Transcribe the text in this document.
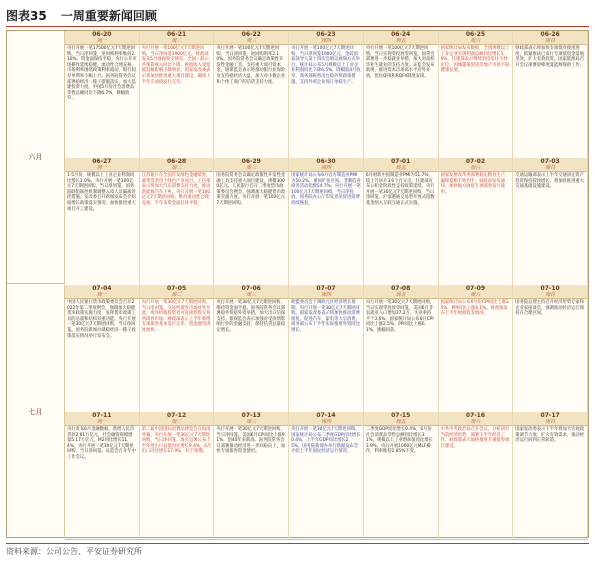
图表35 一周重要新闻回顾
六月
七月
06-20
周一
央行开展一笔17500亿元7天期逆回购，当日净回笼，逆回购利率维持2.10%，资金面保持平稳。央行公开市场操作延续稳健，流动性合理充裕，市场利率围绕政策利率波动，银行间存单利率小幅上行。国务院常务会议部署稳经济一揽子措施落实，加大基建投资力度。中国5月份社会消费品零售总额同比下降6.7%，降幅收窄。
06-21
周二
央行开展一笔100亿元7天期逆回购，当日净回笼1900亿元。财政部发布5月财政收支情况，全国一般公共预算收入同比下降，税收收入受留抵退税影响下降明显。国家发改委表示将加快推进重大项目建设，确保上半年专项债发行完毕。
06-22
周三
央行开展一笔100亿元7天期逆回购，当日净回笼，逆回购利率2.10%。国务院常务会议确定政策性开发性金融工具，支持重大项目资本金。银保监会表示将推动银行业保险业支持稳经济大盘，加大对小微企业和个体工商户的信贷支持力度。
06-23
周四
央行开展一笔100亿元7天期逆回购，当日净回笼1900亿元。金砖国家领导人第十四次会晤以视频方式举行。统计局公布5月规模以上工业企业利润同比下降6.5%，降幅较4月收窄。商务部称将出台稳外贸政策措施，支持外贸企业保订单稳生产。
06-24
周五
央行开展一笔100亿元7天期逆回购，当日实现零投放零回笼。国常会部署进一步稳就业举措，加大对高校毕业生就业的支持力度。证监会发布新规，推进资本市场高水平对外开放，优化QFII和RQFII制度安排。
06-25
周六
国家统计局发布数据，全国规模以上工业企业实现利润总额同比增长1.0%。住建部表示继续坚持房住不炒定位，因城施策促进房地产市场平稳健康发展。
06-26
周日
财政部表示将加快专项债券使用进度，抓紧推动已发行专项债资金落地见效，扩大有效投资。国家能源局召开会议部署迎峰度夏能源保供工作。
06-27
周一
1-5月份，规模以上工业企业利润同比增长1.0%。央行开展一笔100亿元7天期逆回购，当日净回笼。国务院联防联控机制调整入境人员隔离管控措施。发改委召开新闻发布会介绍稳增长政策落实情况，加快推进重大项目开工建设。
06-28
周二
江苏银行在全国首发绿色金融债券，募集资金用于绿色产业项目。工信部表示将加大汽车消费支持力度，推动新能源汽车下乡。央行开展一笔100亿元7天期逆回购，维持流动性合理充裕，半年末资金面总体平稳。
06-29
周三
国务院常务会议确定政策性开发性金融工具支持重大项目建设，规模3000亿元。人民银行召开二季度货币政策委员会例会，强调加大稳健货币政策实施力度。央行开展一笔100亿元7天期逆回购。
06-30
周四
国家统计局公布6月官方制造业PMI为50.2%，重回扩张区间。非制造业商务活动指数54.7%。央行开展一笔100亿元7天期逆回购，当日净投放。国务院办公厅印发意见促进消费持续恢复。
07-01
周五
6月财新中国制造业PMI为51.7%，较上月回升3.6个百分点。住建部宣布公积金阶段性支持政策延续。央行开展一笔30亿元7天期逆回购，当日净回笼。沪深港通交易型开放式指数基金纳入互联互通正式实施。
07-02
周六
国家发展改革委部署稳定粮食生产，确保夏粮丰收到手。财政部发布通知，加快地方政府专项债券发行使用。
07-03
周日
交通运输部表示上半年交通固定资产投资保持较快增长，将加快推进重大交通基础设施建设。
07-04
周一
中国人民银行货币政策委员会召开2022年第二季度例会，强调加大稳健货币政策实施力度，发挥货币政策工具的总量和结构双重功能。央行开展一笔30亿元7天期逆回购，当日净回笼。国务院新闻办就稳经济一揽子政策落实情况举行发布会。
07-05
周二
央行开展一笔30亿元7天期逆回购，当日净回笼。交易所债券市场对外开放，境外机构投资者可直接投资交易所债券市场。财政部表示上半年新增专项债券基本发行完毕，资金使用进度加快。
07-06
周三
央行开展一笔30亿元7天期逆回购，维持资金面平稳。国务院常务会议部署稳外贸稳外资举措，加大出口信保支持。银保监会表示加强对受疫情影响行业的金融支持，保持信贷总量稳定增长。
07-07
周四
欧盟委员会下调欧元区经济增长预期。央行开展一笔30亿元7天期逆回购。国家发改委表示将加快推动消费恢复，促进汽车、家电等大宗消费。商务部公布上半年实际使用外资同比增长。
07-08
周五
央行开展一笔30亿元7天期逆回购，当日实现零投放零回笼。美国6月非农就业人口增加37.2万，失业率持平于3.6%。国家统计局公布6月CPI同比上涨2.5%，PPI同比上涨6.1%，涨幅回落。
07-09
周六
国家统计局公布6月份CPI同比上涨2.5%，PPI同比上涨6.1%。财政部发布上半年财政收支情况。
07-10
周日
国务院总理主持召开经济形势专家和企业家座谈会，强调推动经济运行保持在合理区间。
07-11
周一
央行发布6月金融数据，新增人民币贷款2.81万亿元，社会融资规模增量5.17万亿元，M2同比增长11.4%。央行开展一笔30亿元7天期逆回购，当日净回笼。证监会召开年中工作会议。
07-12
周二
第二届中国国际消费品博览会在海南开幕。央行开展一笔30亿元7天期逆回购，当日净回笼。海关总署公布上半年进出口总值同比增长9.4%，6月出口同比增长17.9%，好于预期。
07-13
周三
央行开展一笔30亿元7天期逆回购，当日净回笼。美国6月CPI同比上涨9.1%，创40年来新高。国务院常务会议部署推动经济进一步回稳向上，加快专项债券资金使用。
07-14
周四
央行开展一笔30亿元7天期逆回购。国家统计局公布二季度GDP同比增长0.4%，上半年GDP同比增长2.5%。国务院新闻办举行新闻发布会介绍上半年国民经济运行情况。
07-15
周五
二季度GDP同比增长0.4%，6月份社会消费品零售总额同比增长3.1%，规模以上工业增加值同比增长3.9%。央行开展1000亿元MLF操作，利率维持2.85%不变。
07-16
周六
中共中央政治局召开会议，分析研究当前经济形势，部署下半年经济工作。财政部表示加快推进专项债券项目建设。
07-17
周日
国家发改委表示下半年将加大宏观政策调节力度，扩大有效需求，推动经济运行回到正常轨道。
资料来源：公司公告、平安证券研究所
